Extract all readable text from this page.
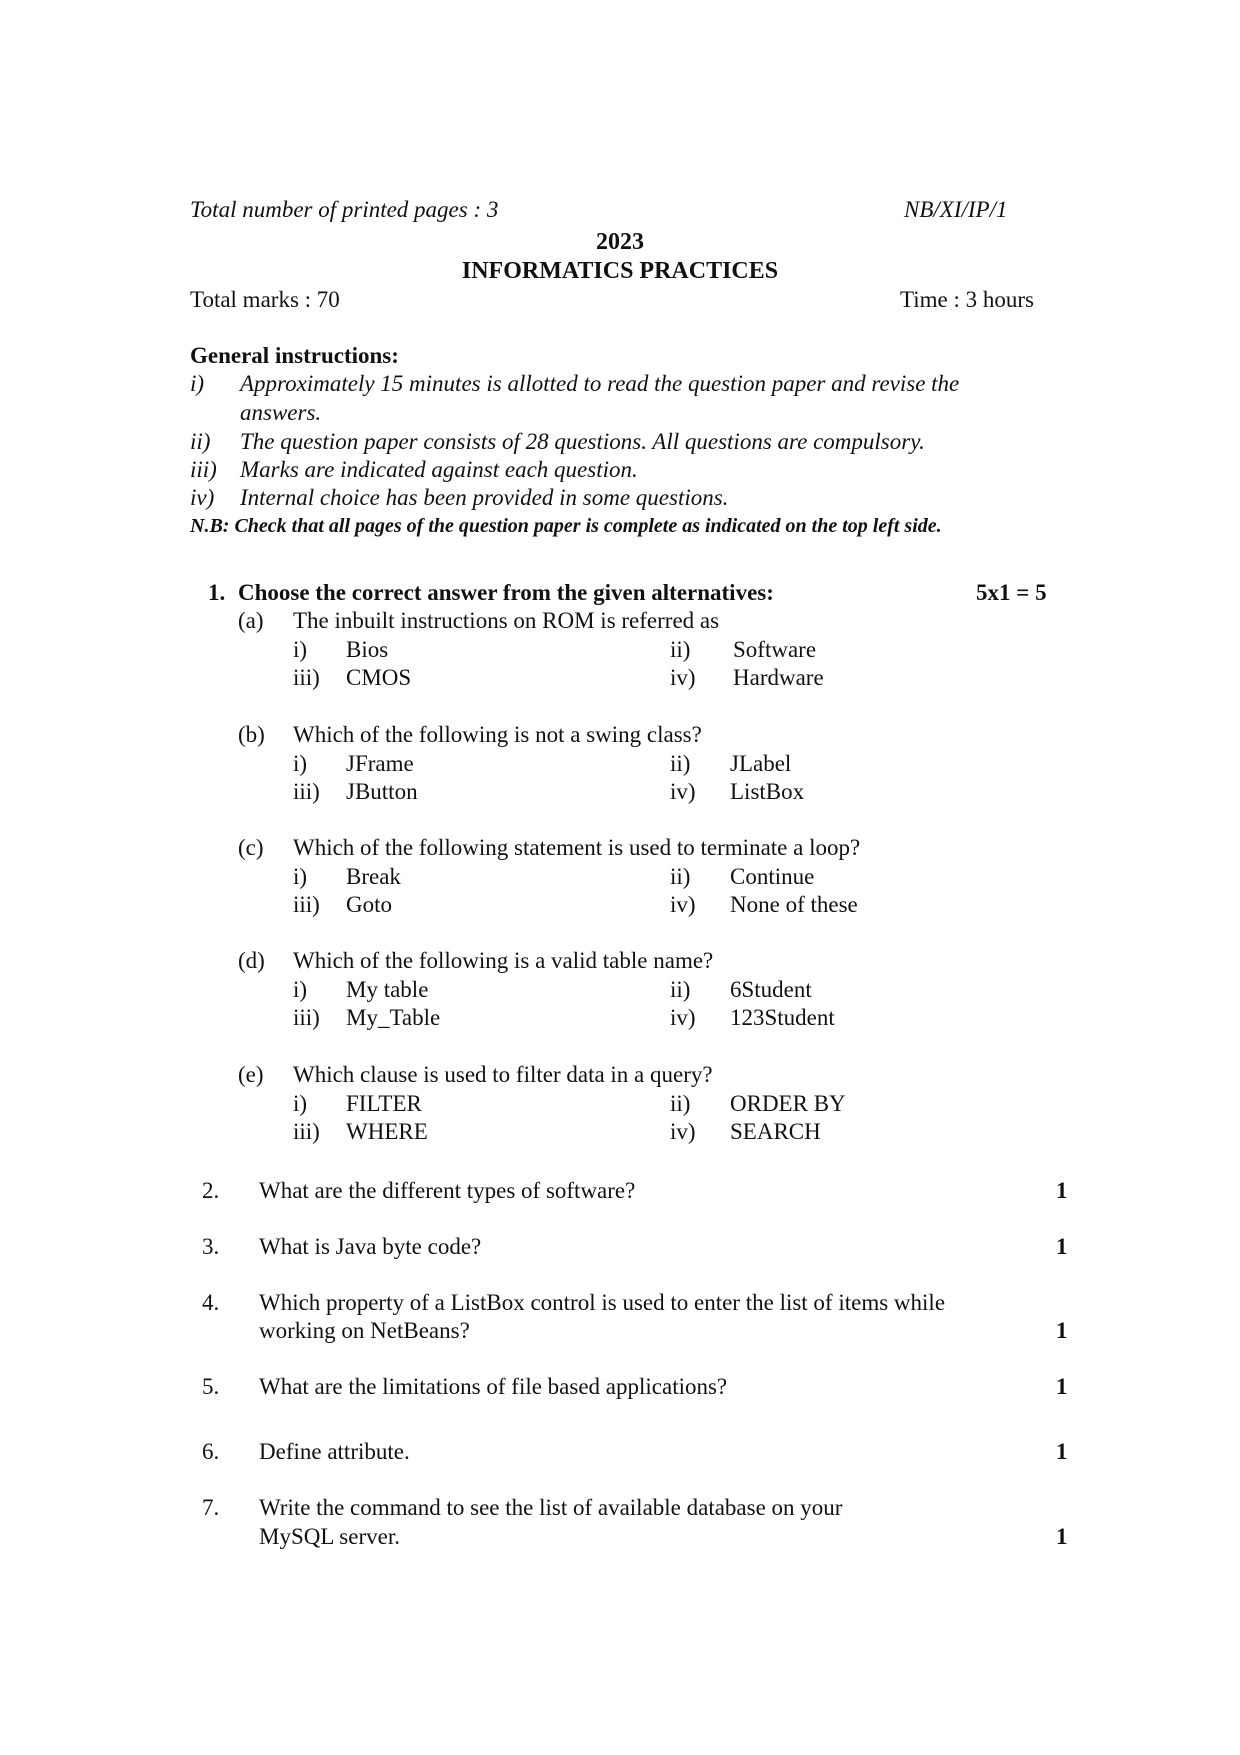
Total number of printed pages : 3	NB/XI/IP/1
2023
INFORMATICS PRACTICES
Total marks : 70	Time : 3 hours
General instructions:
i) Approximately 15 minutes is allotted to read the question paper and revise the
answers.
ii) The question paper consists of 28 questions. All questions are compulsory.
iii) Marks are indicated against each question.
iv) Internal choice has been provided in some questions.
N.B: Check that all pages of the question paper is complete as indicated on the top left side.
1. Choose the correct answer from the given alternatives:	5x1 = 5
(a) The inbuilt instructions on ROM is referred as
i) Bios	ii) Software
iii) CMOS	iv) Hardware
(b) Which of the following is not a swing class?
i) JFrame	ii) JLabel
iii) JButton	iv) ListBox
(c) Which of the following statement is used to terminate a loop?
i) Break	ii) Continue
iii) Goto	iv) None of these
(d) Which of the following is a valid table name?
i) My table	ii) 6Student
iii) My_Table	iv) 123Student
(e) Which clause is used to filter data in a query?
i) FILTER	ii) ORDER BY
iii) WHERE	iv) SEARCH
2. What are the different types of software?	1
3. What is Java byte code?	1
4. Which property of a ListBox control is used to enter the list of items while
working on NetBeans?	1
5. What are the limitations of file based applications?	1
6. Define attribute.	1
7. Write the command to see the list of available database on your
MySQL server.	1
